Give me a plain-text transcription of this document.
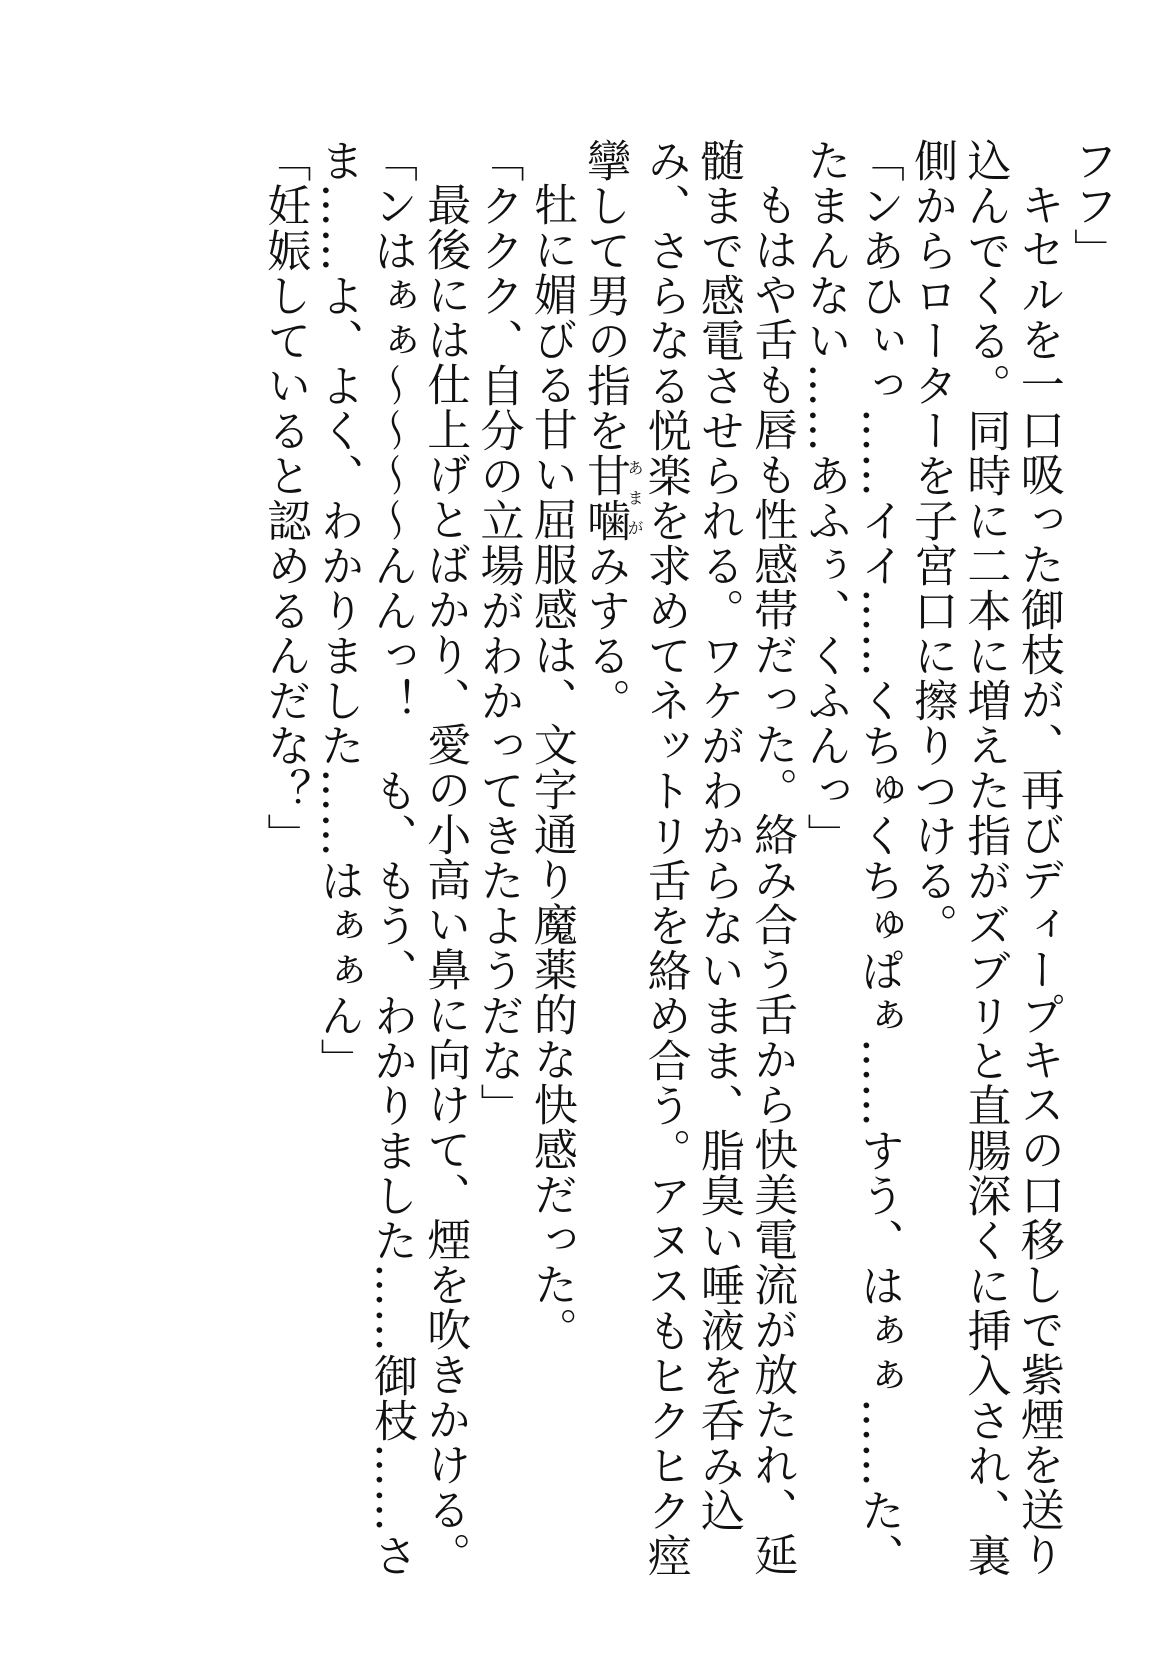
フフ」
キセルを一口吸った御枝が、再びディープキスの口移しで紫煙を送り込んでくる。同時に二本に増えた指がズブリと直腸深くに挿入され、裏側からローターを子宮口に擦りつける。
「ンあひぃっ……イイ……くちゅくちゅぱぁ……すう、はぁぁ……た、たまんない……あふぅ、くふんっ」
もはや舌も唇も性感帯だった。絡み合う舌から快美電流が放たれ、延髄まで感電させられる。ワケがわからないまま、脂臭い唾液を呑み込み、さらなる悦楽を求めてネットリ舌を絡め合う。アヌスもヒクヒク痙攣して男の指を甘噛あまがみする。
牡に媚びる甘い屈服感は、文字通り魔薬的な快感だった。
「ククク、自分の立場がわかってきたようだな」
最後には仕上げとばかり、愛の小高い鼻に向けて、煙を吹きかける。
「ンはぁぁ～～～～んんっ！　も、もう、わかりました……御枝……さま……よ、よく、わかりました……はぁぁん」
「妊娠していると認めるんだな？」
